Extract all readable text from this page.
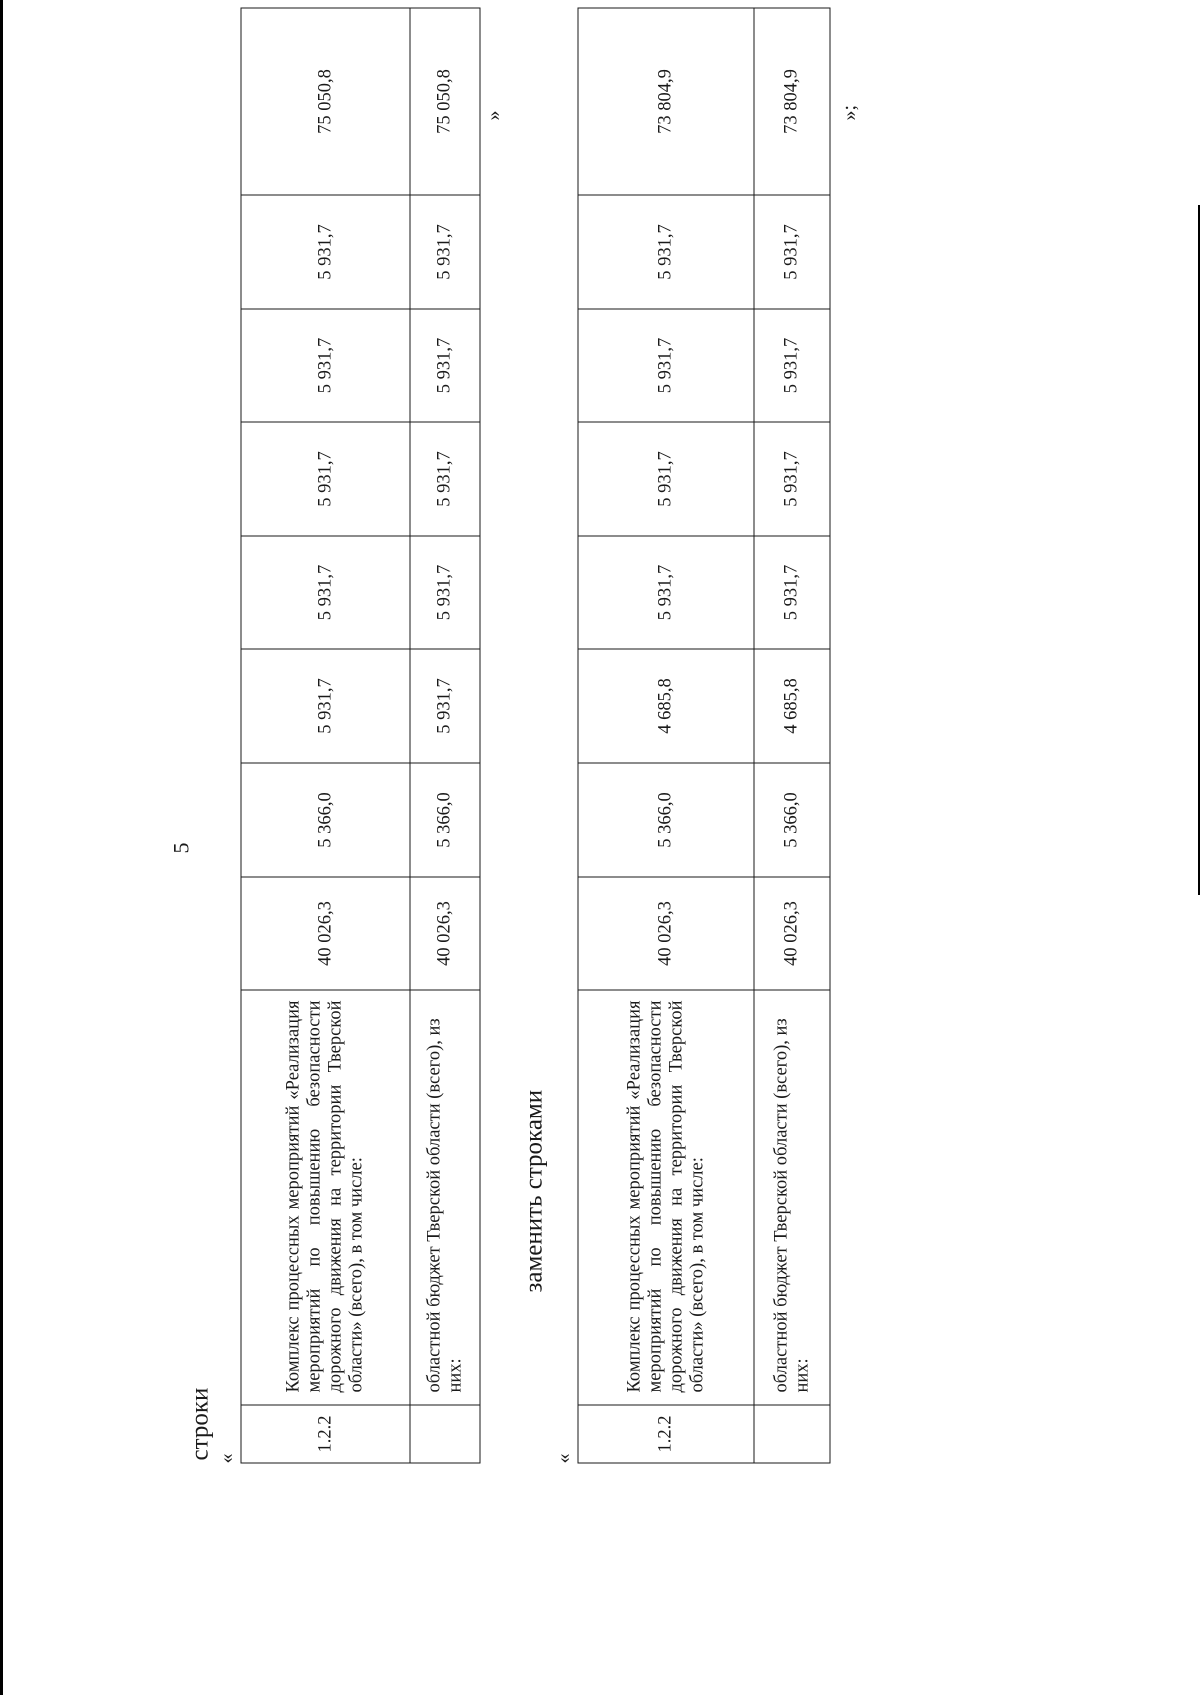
5
строки «
1.2.2	Комплекс процессных мероприятий «Реализация мероприятий по повышению безопасности дорожного движения на территории Тверской области» (всего), в том числе:	40 026,3	5 366,0	5 931,7	5 931,7	5 931,7	5 931,7	5 931,7	75 050,8
	областной бюджет Тверской области (всего), из них:	40 026,3	5 366,0	5 931,7	5 931,7	5 931,7	5 931,7	5 931,7	75 050,8 »
заменить строками
«
1.2.2	Комплекс процессных мероприятий «Реализация мероприятий по повышению безопасности дорожного движения на территории Тверской области» (всего), в том числе:	40 026,3	5 366,0	4 685,8	5 931,7	5 931,7	5 931,7	5 931,7	73 804,9
	областной бюджет Тверской области (всего), из них:	40 026,3	5 366,0	4 685,8	5 931,7	5 931,7	5 931,7	5 931,7	73 804,9 »;
